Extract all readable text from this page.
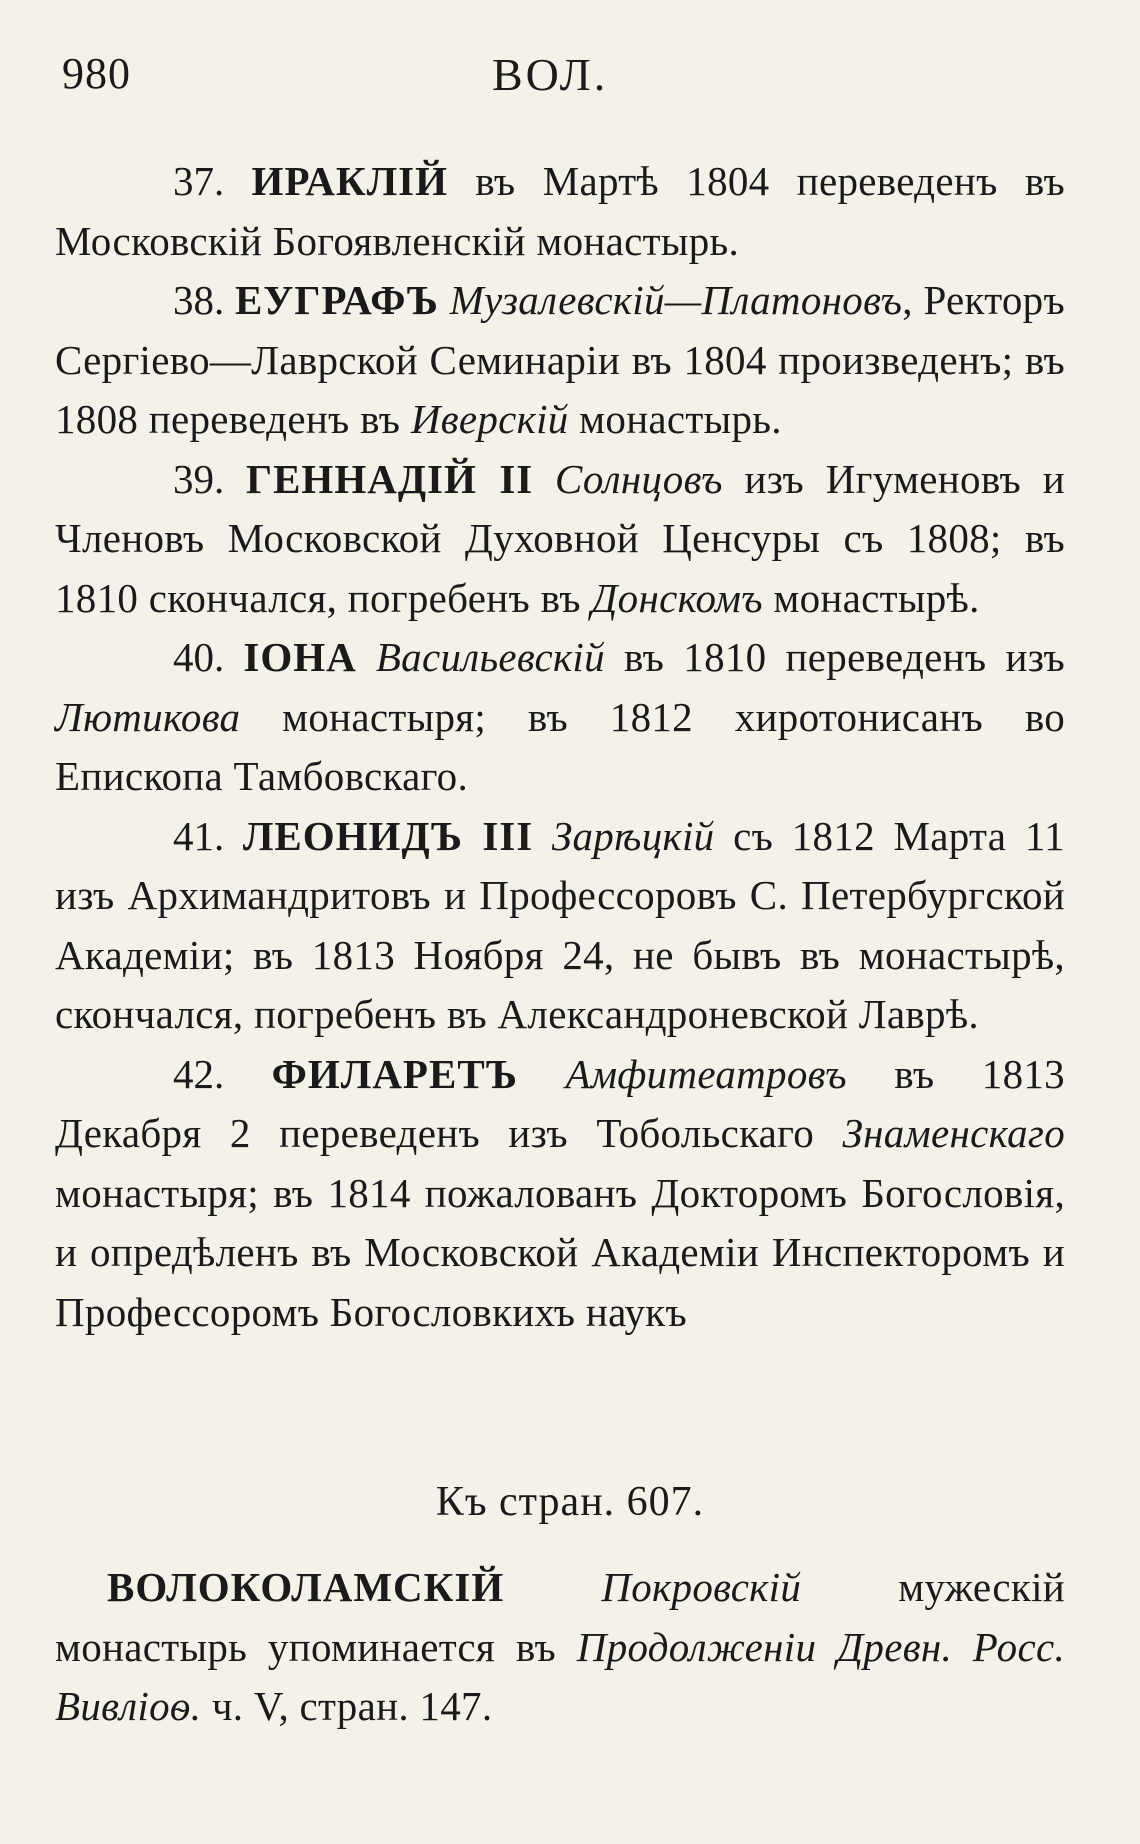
980	ВОЛ.

37. ИРАКЛІЙ въ Мартѣ 1804 переведенъ въ Московскій Богоявленскій монастырь.

38. ЕУГРАФЪ Музалевскій—Платоновъ, Ректоръ Сергіево—Лаврской Семинаріи въ 1804 произведенъ; въ 1808 переведенъ въ Иверскій монастырь.

39. ГЕННАДІЙ II Солнцовъ изъ Игуменовъ и Членовъ Московской Духовной Ценсуры съ 1808; въ 1810 скончался, погребенъ въ Донскомъ монастырѣ.

40. ІОНА Васильевскій въ 1810 переведенъ изъ Лютикова монастыря; въ 1812 хиротонисанъ во Епископа Тамбовскаго.

41. ЛЕОНИДЪ III Зарѣцкій съ 1812 Марта 11 изъ Архимандритовъ и Профессоровъ С. Петербургской Академіи; въ 1813 Ноября 24, не бывъ въ монастырѣ, скончался, погребенъ въ Александроневской Лаврѣ.

42. ФИЛАРЕТЪ Амфитеатровъ въ 1813 Декабря 2 переведенъ изъ Тобольскаго Знаменскаго монастыря; въ 1814 пожалованъ Докторомъ Богословія, и опредѣленъ въ Московской Академіи Инспекторомъ и Профессоромъ Богословкихъ наукъ

Къ стран. 607.

ВОЛОКОЛАМСКІЙ Покровскій мужескій монастырь упоминается въ Продолженіи Древн. Росс. Вивліоѳ. ч. V, стран. 147.
